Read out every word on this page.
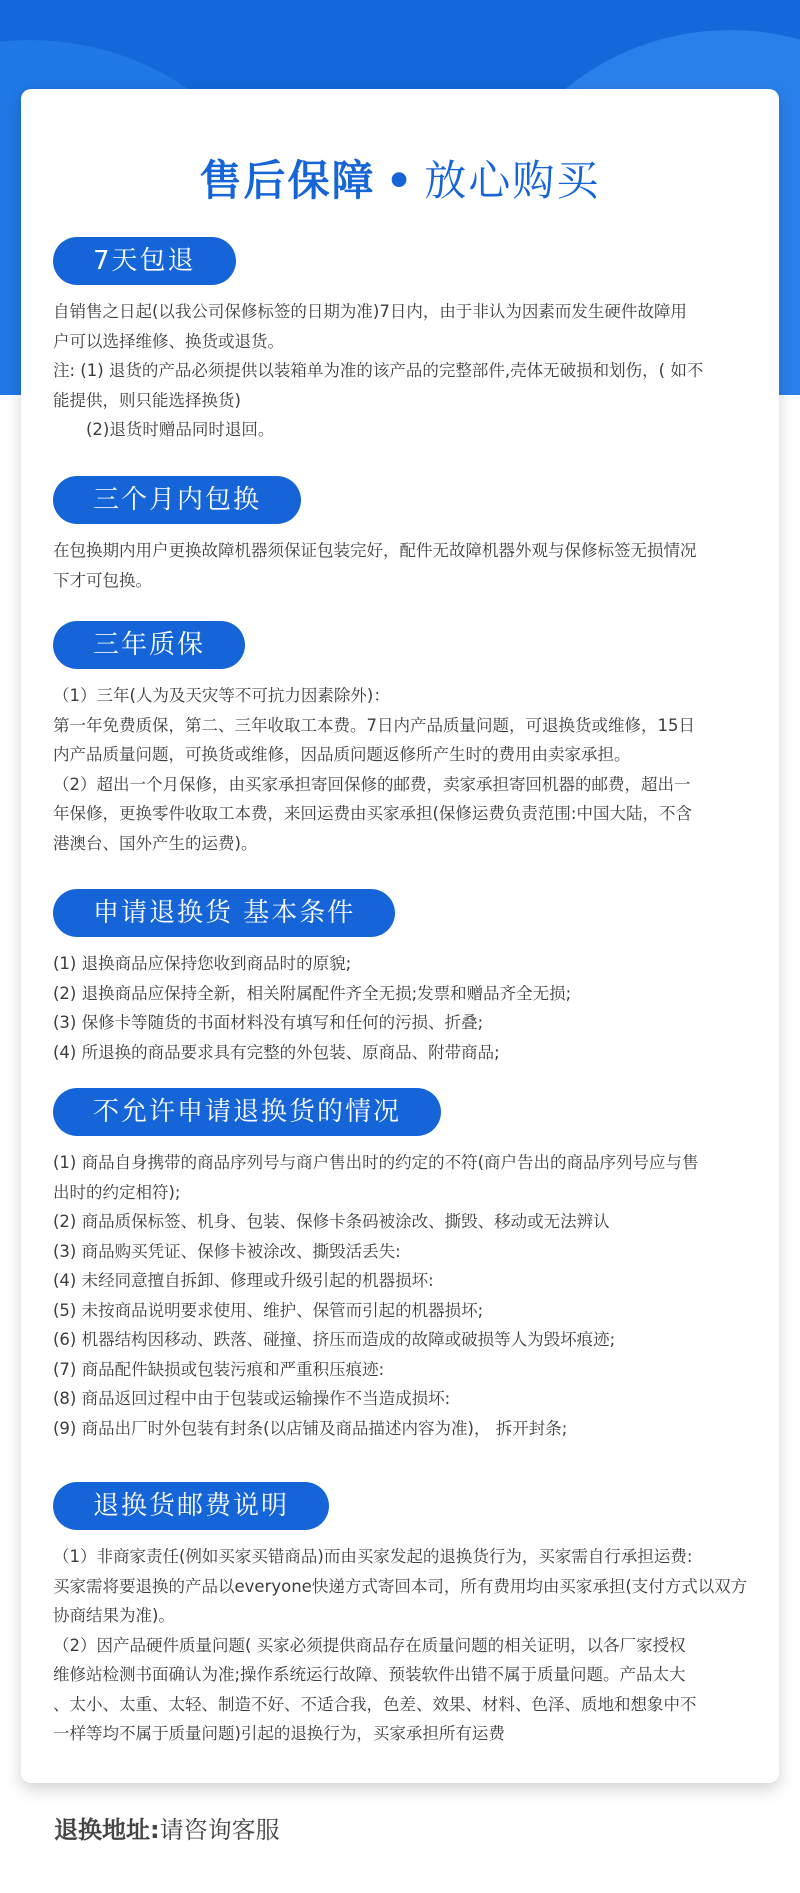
售后保障 • 放心购买
7天包退

自销售之日起(以我公司保修标签的日期为准)7日内，由于非认为因素而发生硬件故障用

户可以选择维修、换货或退货。

注: (1) 退货的产品必须提供以装箱单为准的该产品的完整部件,壳体无破损和划伤，( 如不

能提供，则只能选择换货)

　　(2)退货时赠品同时退回。

三个月内包换

在包换期内用户更换故障机器须保证包装完好，配件无故障机器外观与保修标签无损情况

下才可包换。

三年质保

（1）三年(人为及天灾等不可抗力因素除外)：

第一年免费质保，第二、三年收取工本费。7日内产品质量问题，可退换货或维修，15日

内产品质量问题，可换货或维修，因品质问题返修所产生时的费用由卖家承担。

（2）超出一个月保修，由买家承担寄回保修的邮费，卖家承担寄回机器的邮费，超出一

年保修，更换零件收取工本费，来回运费由买家承担(保修运费负责范围:中国大陆，不含

港澳台、国外产生的运费)。

申请退换货 基本条件

(1) 退换商品应保持您收到商品时的原貌;

(2) 退换商品应保持全新，相关附属配件齐全无损;发票和赠品齐全无损;

(3) 保修卡等随货的书面材料没有填写和任何的污损、折叠;

(4) 所退换的商品要求具有完整的外包装、原商品、附带商品;

不允许申请退换货的情况

(1) 商品自身携带的商品序列号与商户售出时的约定的不符(商户告出的商品序列号应与售

出时的约定相符);

(2) 商品质保标签、机身、包装、保修卡条码被涂改、撕毁、移动或无法辨认

(3) 商品购买凭证、保修卡被涂改、撕毁活丢失:

(4) 未经同意擅自拆卸、修理或升级引起的机器损坏:

(5) 未按商品说明要求使用、维护、保管而引起的机器损坏;

(6) 机器结构因移动、跌落、碰撞、挤压而造成的故障或破损等人为毁坏痕迹;

(7) 商品配件缺损或包装污痕和严重积压痕迹:

(8) 商品返回过程中由于包装或运输操作不当造成损坏:

(9) 商品出厂时外包装有封条(以店铺及商品描述内容为准)， 拆开封条;

退换货邮费说明

（1）非商家责任(例如买家买错商品)而由买家发起的退换货行为，买家需自行承担运费:

买家需将要退换的产品以everyone快递方式寄回本司，所有费用均由买家承担(支付方式以双方

协商结果为准)。

（2）因产品硬件质量问题( 买家必须提供商品存在质量问题的相关证明，以各厂家授权

维修站检测书面确认为准;操作系统运行故障、预装软件出错不属于质量问题。产品太大

、太小、太重、太轻、制造不好、不适合我，色差、效果、材料、色泽、质地和想象中不

一样等均不属于质量问题)引起的退换行为，买家承担所有运费

退换地址:请咨询客服
